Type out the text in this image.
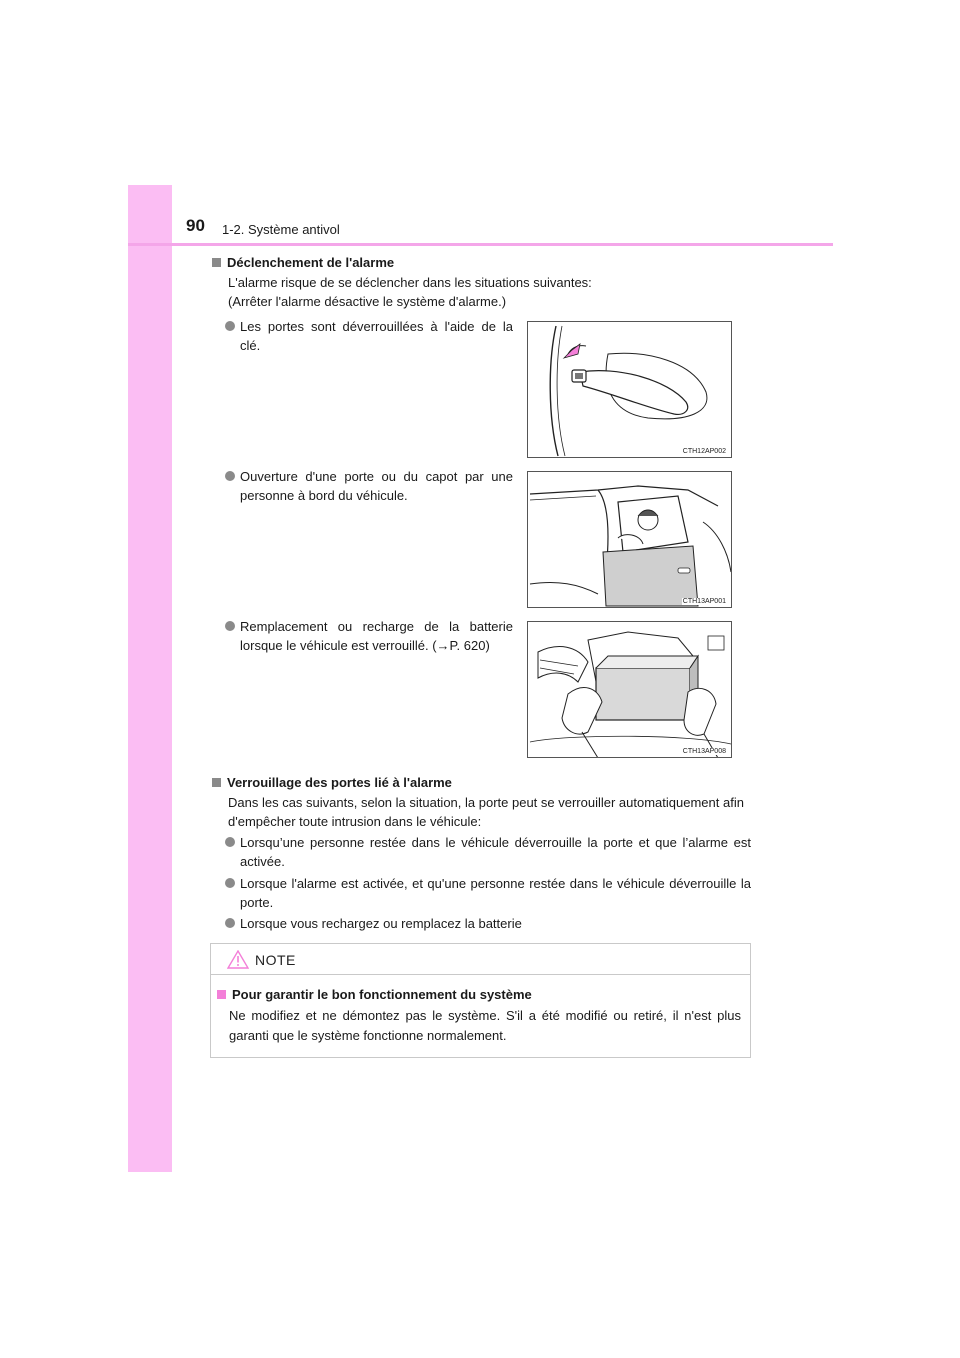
90 1-2. Système antivol
Déclenchement de l'alarme
L'alarme risque de se déclencher dans les situations suivantes:
(Arrêter l'alarme désactive le système d'alarme.)
Les portes sont déverrouillées à l'aide de la clé.
Ouverture d'une porte ou du capot par une personne à bord du véhicule.
Remplacement ou recharge de la batterie lorsque le véhicule est verrouillé. (→P. 620)
CTH12AP002
CTH13AP001
CTH13AP008
Verrouillage des portes lié à l'alarme
Dans les cas suivants, selon la situation, la porte peut se verrouiller automatiquement afin d'empêcher toute intrusion dans le véhicule:
Lorsqu’une personne restée dans le véhicule déverrouille la porte et que l’alarme est activée.
Lorsque l'alarme est activée, et qu'une personne restée dans le véhicule déverrouille la porte.
Lorsque vous rechargez ou remplacez la batterie
NOTE
Pour garantir le bon fonctionnement du système
Ne modifiez et ne démontez pas le système. S'il a été modifié ou retiré, il n'est plus garanti que le système fonctionne normalement.
